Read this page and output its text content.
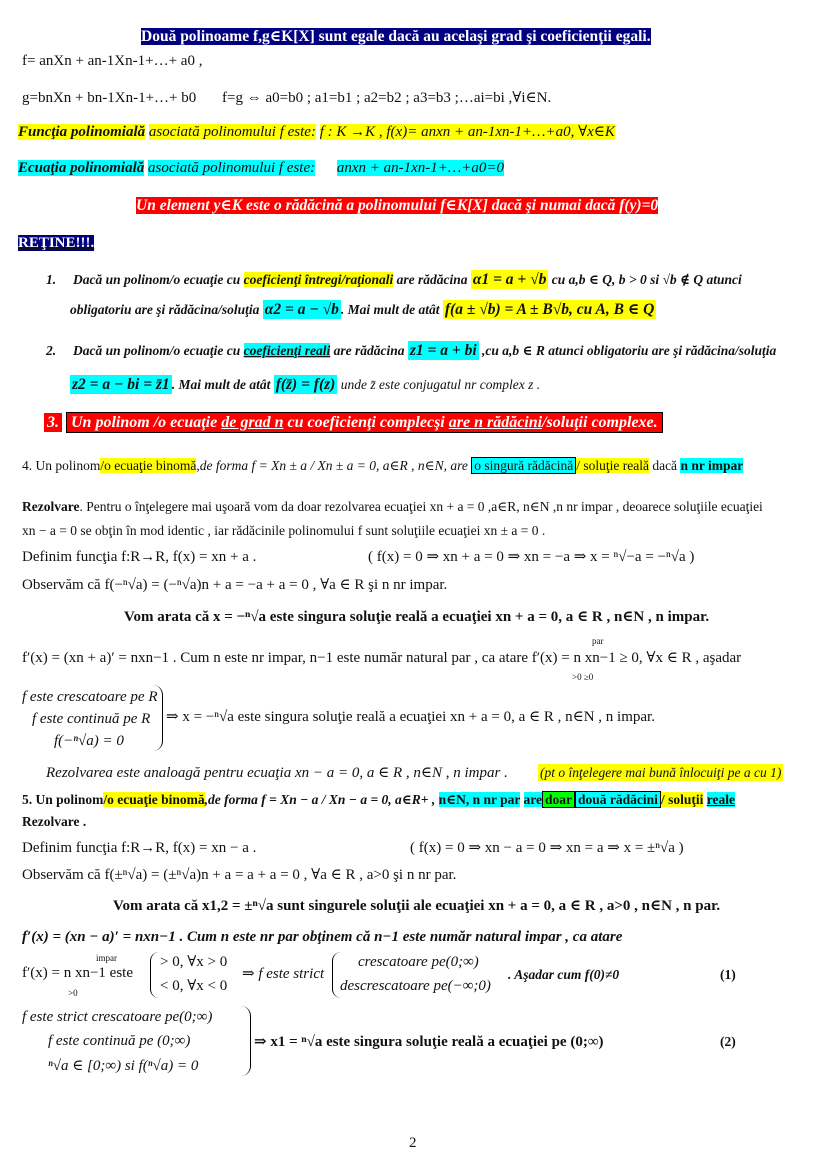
Două polinoame f,g∈K[X] sunt egale dacă au acelaşi grad şi coeficienţii egali.
f= anXn + an-1Xn-1+…+ a0 ,
g=bnXn + bn-1Xn-1+…+ b0 f=g ⇔ a0=b0 ; a1=b1 ; a2=b2 ; a3=b3 ;…ai=bi ,∀i∈N.
Funcţia polinomială asociată polinomului f este: f : K →K , f(x)= anxn + an-1xn-1+…+a0, ∀x∈K
Ecuaţia polinomială asociată polinomului f este: anxn + an-1xn-1+…+a0=0
Un element y∈K este o rădăcină a polinomului f∈K[X] dacă şi numai dacă f(y)=0
REŢINE!!!.
1. Dacă un polinom/o ecuaţie cu coeficienţi întregi/raţionali are rădăcina α1 = a + √b cu a,b ∈ Q, b > 0 si √b ∉ Q atunci
obligatoriu are şi rădăcina/soluţia α2 = a − √b . Mai mult de atât f(a ± √b) = A ± B√b, cu A, B ∈ Q
2. Dacă un polinom/o ecuaţie cu coeficienţi reali are rădăcina z1 = a + bi ,cu a,b ∈ R atunci obligatoriu are şi rădăcina/soluţia
z2 = a − bi = z̄1 . Mai mult de atât f(z̄) = f(z) unde z̄ este conjugatul nr complex z .
3. Un polinom /o ecuaţie de grad n cu coeficienţi complecşi are n rădăcini/soluţii complexe.
4. Un polinom/o ecuaţie binomă,de forma f = Xn ± a / Xn ± a = 0, a∈R , n∈N, are o singură rădăcină / soluţie reală dacă n nr impar
Rezolvare. Pentru o înţelegere mai uşoară vom da doar rezolvarea ecuaţiei xn + a = 0 ,a∈R, n∈N ,n nr impar , deoarece soluţiile ecuaţiei
xn − a = 0 se obţin în mod identic , iar rădăcinile polinomului f sunt soluţiile ecuaţiei xn ± a = 0 .
Definim funcţia f:R→R, f(x) = xn + a .	( f(x) = 0 ⇒ xn + a = 0 ⇒ xn = −a ⇒ x = ⁿ√−a = −ⁿ√a )
Observăm că f(−ⁿ√a) = (−ⁿ√a)n + a = −a + a = 0 , ∀a ∈ R şi n nr impar.
Vom arata că x = −ⁿ√a este singura soluţie reală a ecuaţiei xn + a = 0, a ∈ R , n∈N , n impar.
par
f′(x) = (xn + a)′ = nxn−1 . Cum n este nr impar, n−1 este număr natural par , ca atare f′(x) = n xn−1 ≥ 0, ∀x ∈ R , aşadar
>0 ≥0
f este crescatoare pe R
f este continuă pe R
f(−ⁿ√a) = 0
⇒ x = −ⁿ√a este singura soluţie reală a ecuaţiei xn + a = 0, a ∈ R , n∈N , n impar.
Rezolvarea este analoagă pentru ecuaţia xn − a = 0, a ∈ R , n∈N , n impar . (pt o înţelegere mai bună înlocuiţi pe a cu 1)
5. Un polinom/o ecuaţie binomă,de forma f = Xn − a / Xn − a = 0, a∈R+ , n∈N, n nr par are doar două rădăcini / soluţii reale
Rezolvare .
Definim funcţia f:R→R, f(x) = xn − a .	( f(x) = 0 ⇒ xn − a = 0 ⇒ xn = a ⇒ x = ±ⁿ√a )
Observăm că f(±ⁿ√a) = (±ⁿ√a)n + a = a + a = 0 , ∀a ∈ R , a>0 şi n nr par.
Vom arata că x1,2 = ±ⁿ√a sunt singurele soluţii ale ecuaţiei xn + a = 0, a ∈ R , a>0 , n∈N , n par.
f′(x) = (xn − a)′ = nxn−1 . Cum n este nr par obţinem că n−1 este număr natural impar , ca atare
impar
f′(x) = n xn−1 este
>0
> 0, ∀x > 0
< 0, ∀x < 0
⇒ f este strict
crescatoare pe(0;∞)
descrescatoare pe(−∞;0)
. Aşadar cum f(0)≠0	(1)
f este strict crescatoare pe(0;∞)
f este continuă pe (0;∞)
ⁿ√a ∈ [0;∞) si f(ⁿ√a) = 0
⇒ x1 = ⁿ√a este singura soluţie reală a ecuaţiei pe (0;∞)	(2)
2
